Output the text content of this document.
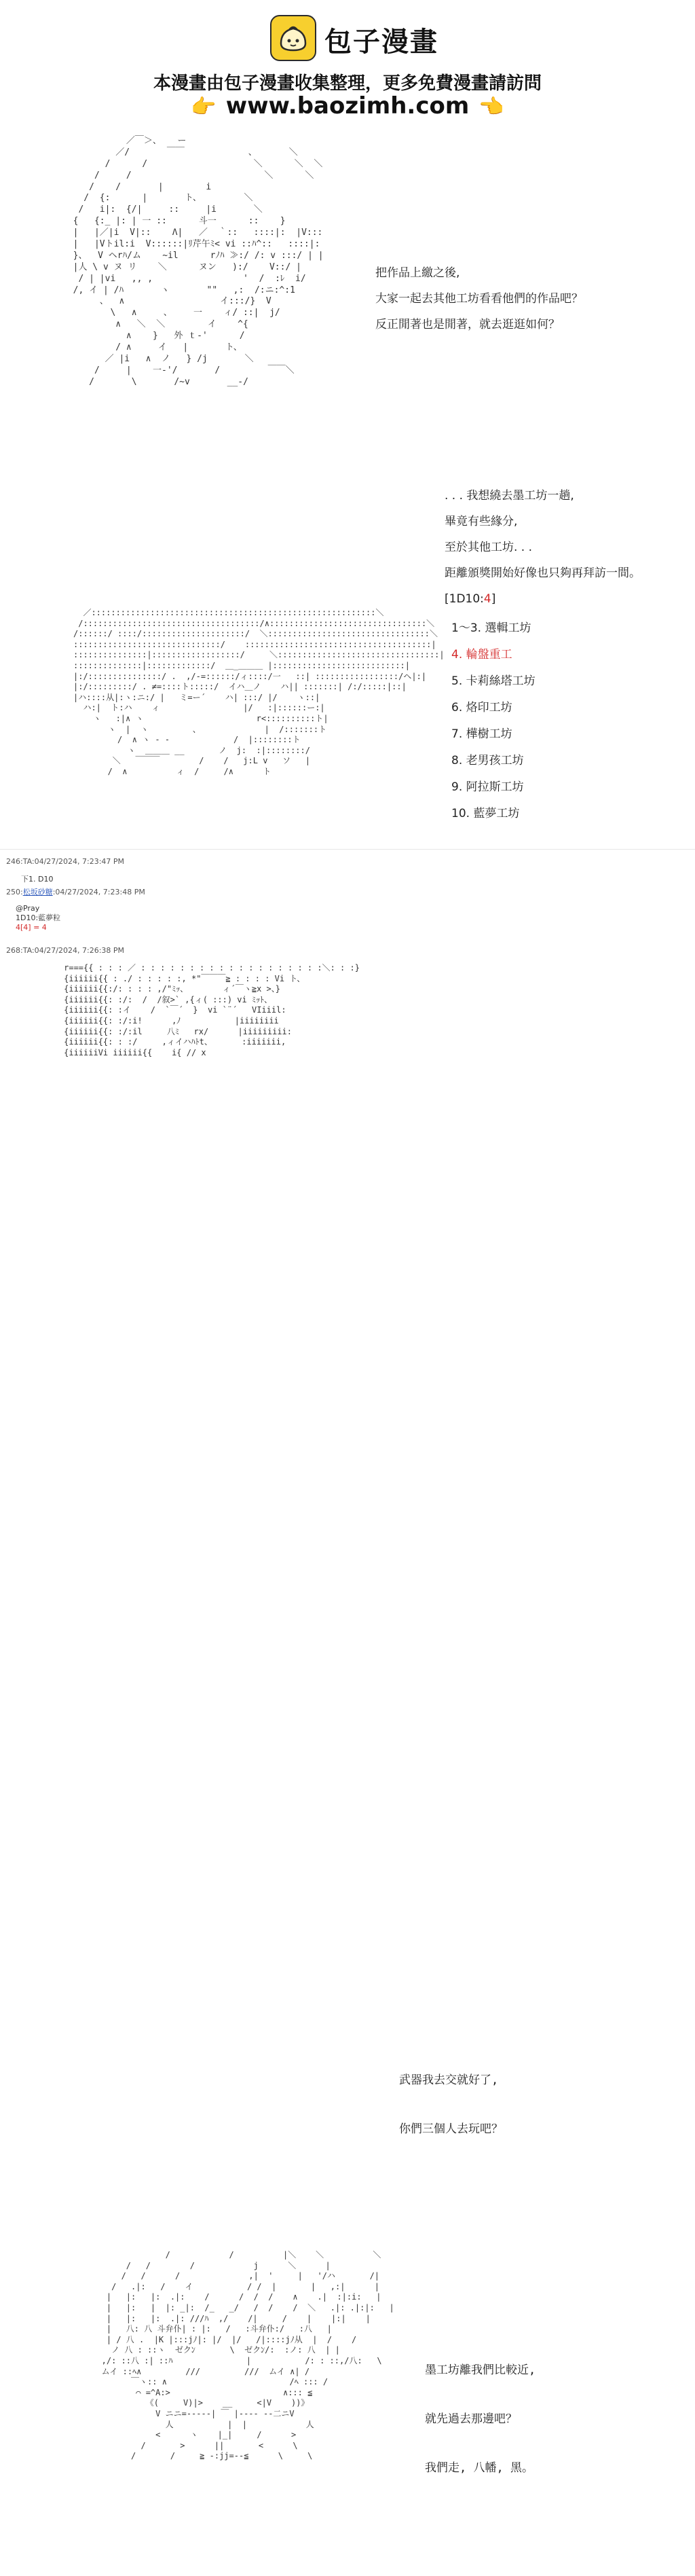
包子漫畫
本漫畫由包子漫畫收集整理，更多免費漫畫請訪問
👉 www.baozimh.com 👈
／￣＞、   ー
／/       ￣￣            、      ＼
/      /                    ＼      ＼  ＼
/     /                         ＼      ＼
/    /       |        i
/  {:      |       ト、        ＼
/   i|:  {/|     ::     |i       ＼
{   {:_ |: | 一 ::      斗一      ::    }
|   |／|i  V|::    Λ|   ／  ｀::   ::::|:  |V:::
|   |Vトil:i  V::::::|ﾘ芹午ﾐ< vi ::ﾊ^::   ::::|:
}、  V ヘrﾊ/ム    ~il      rﾉﾊ ≫:/ /: v :::/ | |
|人 \ v ヌ リ    ＼      ヌン   ):/    V::/ |
/ | |vi   ,, ,                 '  /  :ﾚ  i/
/, イ | /ﾊ       ヽ       ""   ,:  /:ニ:^:1
、  ∧                  イ:::/}  V
\   ∧     、    一    ィ/ ::|  j/
∧   ＼  ＼        イ    ^{
∧    }   外 ｔ-'      /
/ ∧     イ   |       ト、
／ |i   ∧  ノ   } /j       ＼
/     |    一-'/       /         ￣￣＼
/       \       /~v       __-/
把作品上繳之後,
大家一起去其他工坊看看他們的作品吧？
反正閒著也是閒著，就去逛逛如何？
. . . 我想繞去墨工坊一趟,
畢竟有些緣分,
至於其他工坊. . .
距離頒獎開始好像也只夠再拜訪一間。
[1D10:4]
1～3. 選輯工坊
4. 輪盤重工
5. 卡莉絲塔工坊
6. 烙印工坊
7. 樺樹工坊
8. 老男孩工坊
9. 阿拉斯工坊
10. 藍夢工坊
／::::::::::::::::::::::::::::::::::::::::::::::::::::::::::＼
/::::::::::::::::::::::::::::::::::::/∧::::::::::::::::::::::::::::::::＼
/::::::/ ::::/:::::::::::::::::::::/  ＼:::::::::::::::::::::::::::::::::＼
::::::::::::::::::::::::::::::/    ::::::::::::::::::::::::::::::::::::::|
:::::::::::::::|::::::::::::::::::/     ＼:::::::::::::::::::::::::::::::::|
::::::::::::::|:::::::::::::/  ＿_＿＿＿ |:::::::::::::::::::::::::::|
|:/:::::::::::::::/ .  ,/-=::::::/ィ::::/一   ::| :::::::::::::::::/ヘ|:|
|:/:::::::::/ . ≠=::::ト:::::/  イハ＿ノ    ハ|| :::::::| /:/:::::|::|
|ハ::::从|:ヽ:ニ:/ |   ミ=ー´    ハ| :::/ |/    ヽ::|
ハ:|  ト:ハ    ィ                 |/   :|::::::ー:|
ヽ   :|∧ ヽ                       r<::::::::::ト|
ヽ  |  ヽ         、             |  /:::::::ト
/  ∧ ヽ - -             /  |::::::::ト
ヽ  ＿＿＿ __       ノ  j:  :|::::::::/
＼   ￣￣￣        /    /   j:L v   ソ   |
/  ∧          ィ  /     /∧      ト
246:TA:04/27/2024, 7:23:47 PM
下1. D10
250:松坂砂糖:04/27/2024, 7:23:48 PM
@Pray
1D10:藍夢粒
4[4] = 4
268:TA:04/27/2024, 7:26:38 PM
r==={{ : : : ／ : : : : : : : : : : : : : : : : : : :＼: : :}
{iiiiii{{ : ./ : : : : :, *"￣￣￣≧ : : : : Vi ト、
{iiiiii{{:/: : : : ,/"ﾐｯ、       ィ´￣ヽ≧x >、}
{iiiiii{{: :/:  /  /叙>` ,{ィ( :::) vi ﾐｯﾄ、
{iiiiii{{: :イ    /  `￣´  }  vi `¨´   VIiiil:
{iiiiii{{: :/:i!      ,ﾉ           |iiiiiiii
{iiiiii{{: :/:il     八ﾐ   rx/      |iiiiiiiii:
{iiiiii{{: : :/     ,ィイハﾊﾄt、      :iiiiiii,
{iiiiiiVi iiiiii{{    i{ // x

武器我去交就好了,

你們三個人去玩吧？

/            /          |＼    ＼          ＼
/   /        /            j      ＼      |
/   /      /              ,|  '     |   '/ハ       /|
/   .|:   /    イ           / /  |       |   ,:|      |
|   |:   |:  .|:    /      /  /  /    ∧    .|  :|:i:   |
|   |:   |  |: _|:  /_   _/   /  /    /  ＼   .|: .|:|:   |
|   |:   |:  .|: ///ﾊ  ,/    /|     /    |    |:|    |
|   八: 八 斗弁仆| : |:   /   :斗弁仆:/   :八   |
| / 八 .  |Κ |:::jﾉ|: |/  |/   /|::::jﾉ从  |  /    /
ノ 八 : ::ヽ  ゼクﾝ       \  ゼクﾝ/:  :ノ: 八  | |
,/: ::八 :| ::ﾊ               |           /: : ::,/八:   \
ムイ ::ﾍ∧         ///         ///  ムイ ∧| /
￣ヽ:: ∧                         /ﾍ ::: /
⌒ =^A:>                       ∧::: ≦
《(     V)|>    __     <|V    ))》
V ニニ=-----| ￣ |---- -‐二ニV
人           |  |            人
<      ヽ    |_|     /      >
/       >      ||       <      \
/       /     ≧ -:jj=-‐≦      \     \

墨工坊離我們比較近,

就先過去那邊吧？

我們走, 八幡, 黑。
